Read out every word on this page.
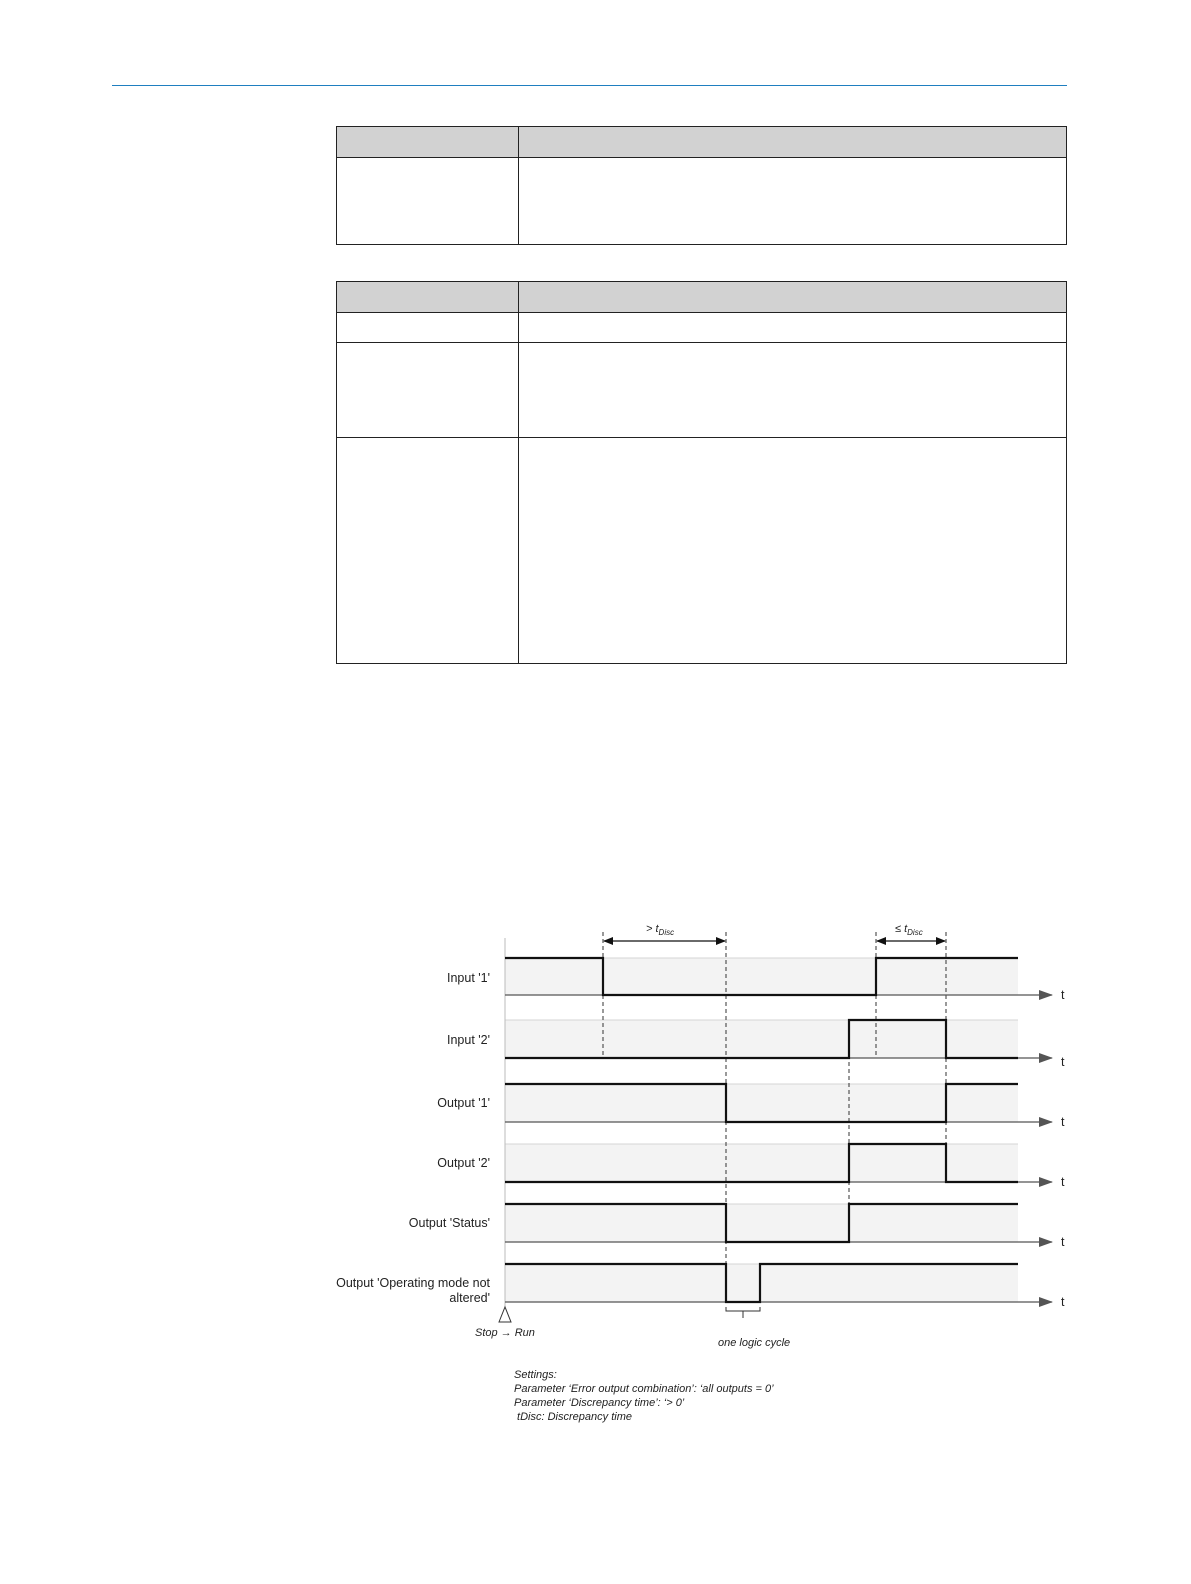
> $t_{Disc}$	≤ $t_{Disc}$
Input '1'
Input '2'
Output '1'
Output '2'
Output 'Status'
Output 'Operating mode not
altered'
t
t
t
t
t
t
Stop → Run
one logic cycle
Settings:
Parameter ‘Error output combination’: ‘all outputs = 0’
Parameter ‘Discrepancy time’: ‘> 0’
tDisc: Discrepancy time
